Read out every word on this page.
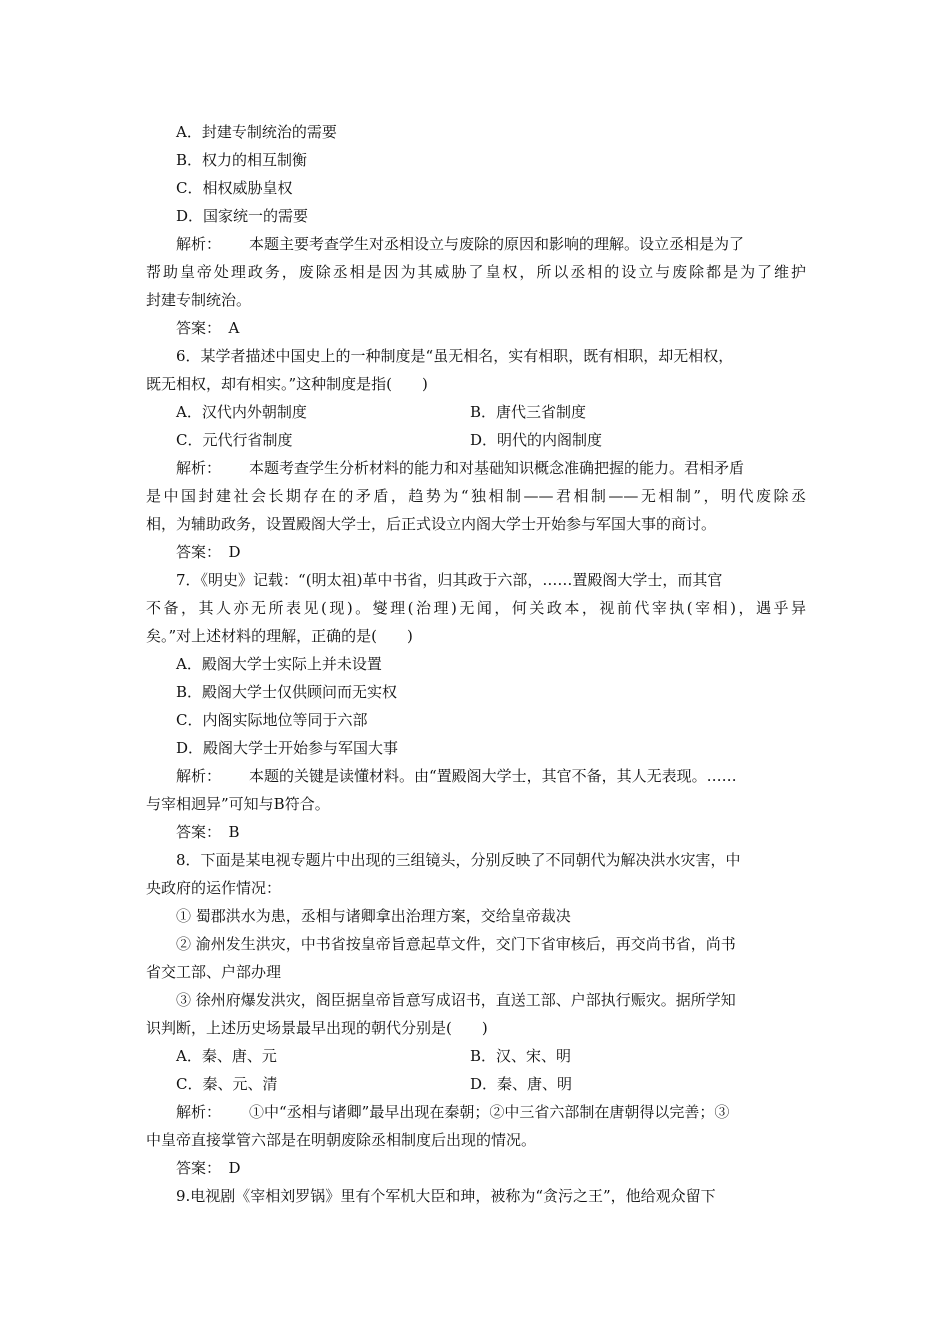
A．封建专制统治的需要
B．权力的相互制衡
C．相权威胁皇权
D．国家统一的需要
解析： 本题主要考查学生对丞相设立与废除的原因和影响的理解。设立丞相是为了
帮助皇帝处理政务，废除丞相是因为其威胁了皇权，所以丞相的设立与废除都是为了维护
封建专制统治。
答案：　A
6．某学者描述中国史上的一种制度是“虽无相名，实有相职，既有相职，却无相权，
既无相权，却有相实。”这种制度是指(　　)
A．汉代内外朝制度	B．唐代三省制度
C．元代行省制度	D．明代的内阁制度
解析： 本题考查学生分析材料的能力和对基础知识概念准确把握的能力。君相矛盾
是中国封建社会长期存在的矛盾，趋势为“独相制——君相制——无相制”，明代废除丞
相，为辅助政务，设置殿阁大学士，后正式设立内阁大学士开始参与军国大事的商讨。
答案：　D
7．《明史》记载：“(明太祖)革中书省，归其政于六部，……置殿阁大学士，而其官
不备，其人亦无所表见(现)。燮理(治理)无闻，何关政本，视前代宰执(宰相)，遇乎异
矣。”对上述材料的理解，正确的是(　　)
A．殿阁大学士实际上并未设置
B．殿阁大学士仅供顾问而无实权
C．内阁实际地位等同于六部
D．殿阁大学士开始参与军国大事
解析： 本题的关键是读懂材料。由“置殿阁大学士，其官不备，其人无表现。……
与宰相迥异”可知与B符合。
答案：　B
8．下面是某电视专题片中出现的三组镜头，分别反映了不同朝代为解决洪水灾害，中
央政府的运作情况：
① 蜀郡洪水为患，丞相与诸卿拿出治理方案，交给皇帝裁决
② 渝州发生洪灾，中书省按皇帝旨意起草文件，交门下省审核后，再交尚书省，尚书
省交工部、户部办理
③ 徐州府爆发洪灾，阁臣据皇帝旨意写成诏书，直送工部、户部执行赈灾。据所学知
识判断，上述历史场景最早出现的朝代分别是(　　)
A．秦、唐、元	B．汉、宋、明
C．秦、元、清	D．秦、唐、明
解析： ①中“丞相与诸卿”最早出现在秦朝；②中三省六部制在唐朝得以完善；③
中皇帝直接掌管六部是在明朝废除丞相制度后出现的情况。
答案：　D
9.电视剧《宰相刘罗锅》里有个军机大臣和珅，被称为“贪污之王”，他给观众留下
